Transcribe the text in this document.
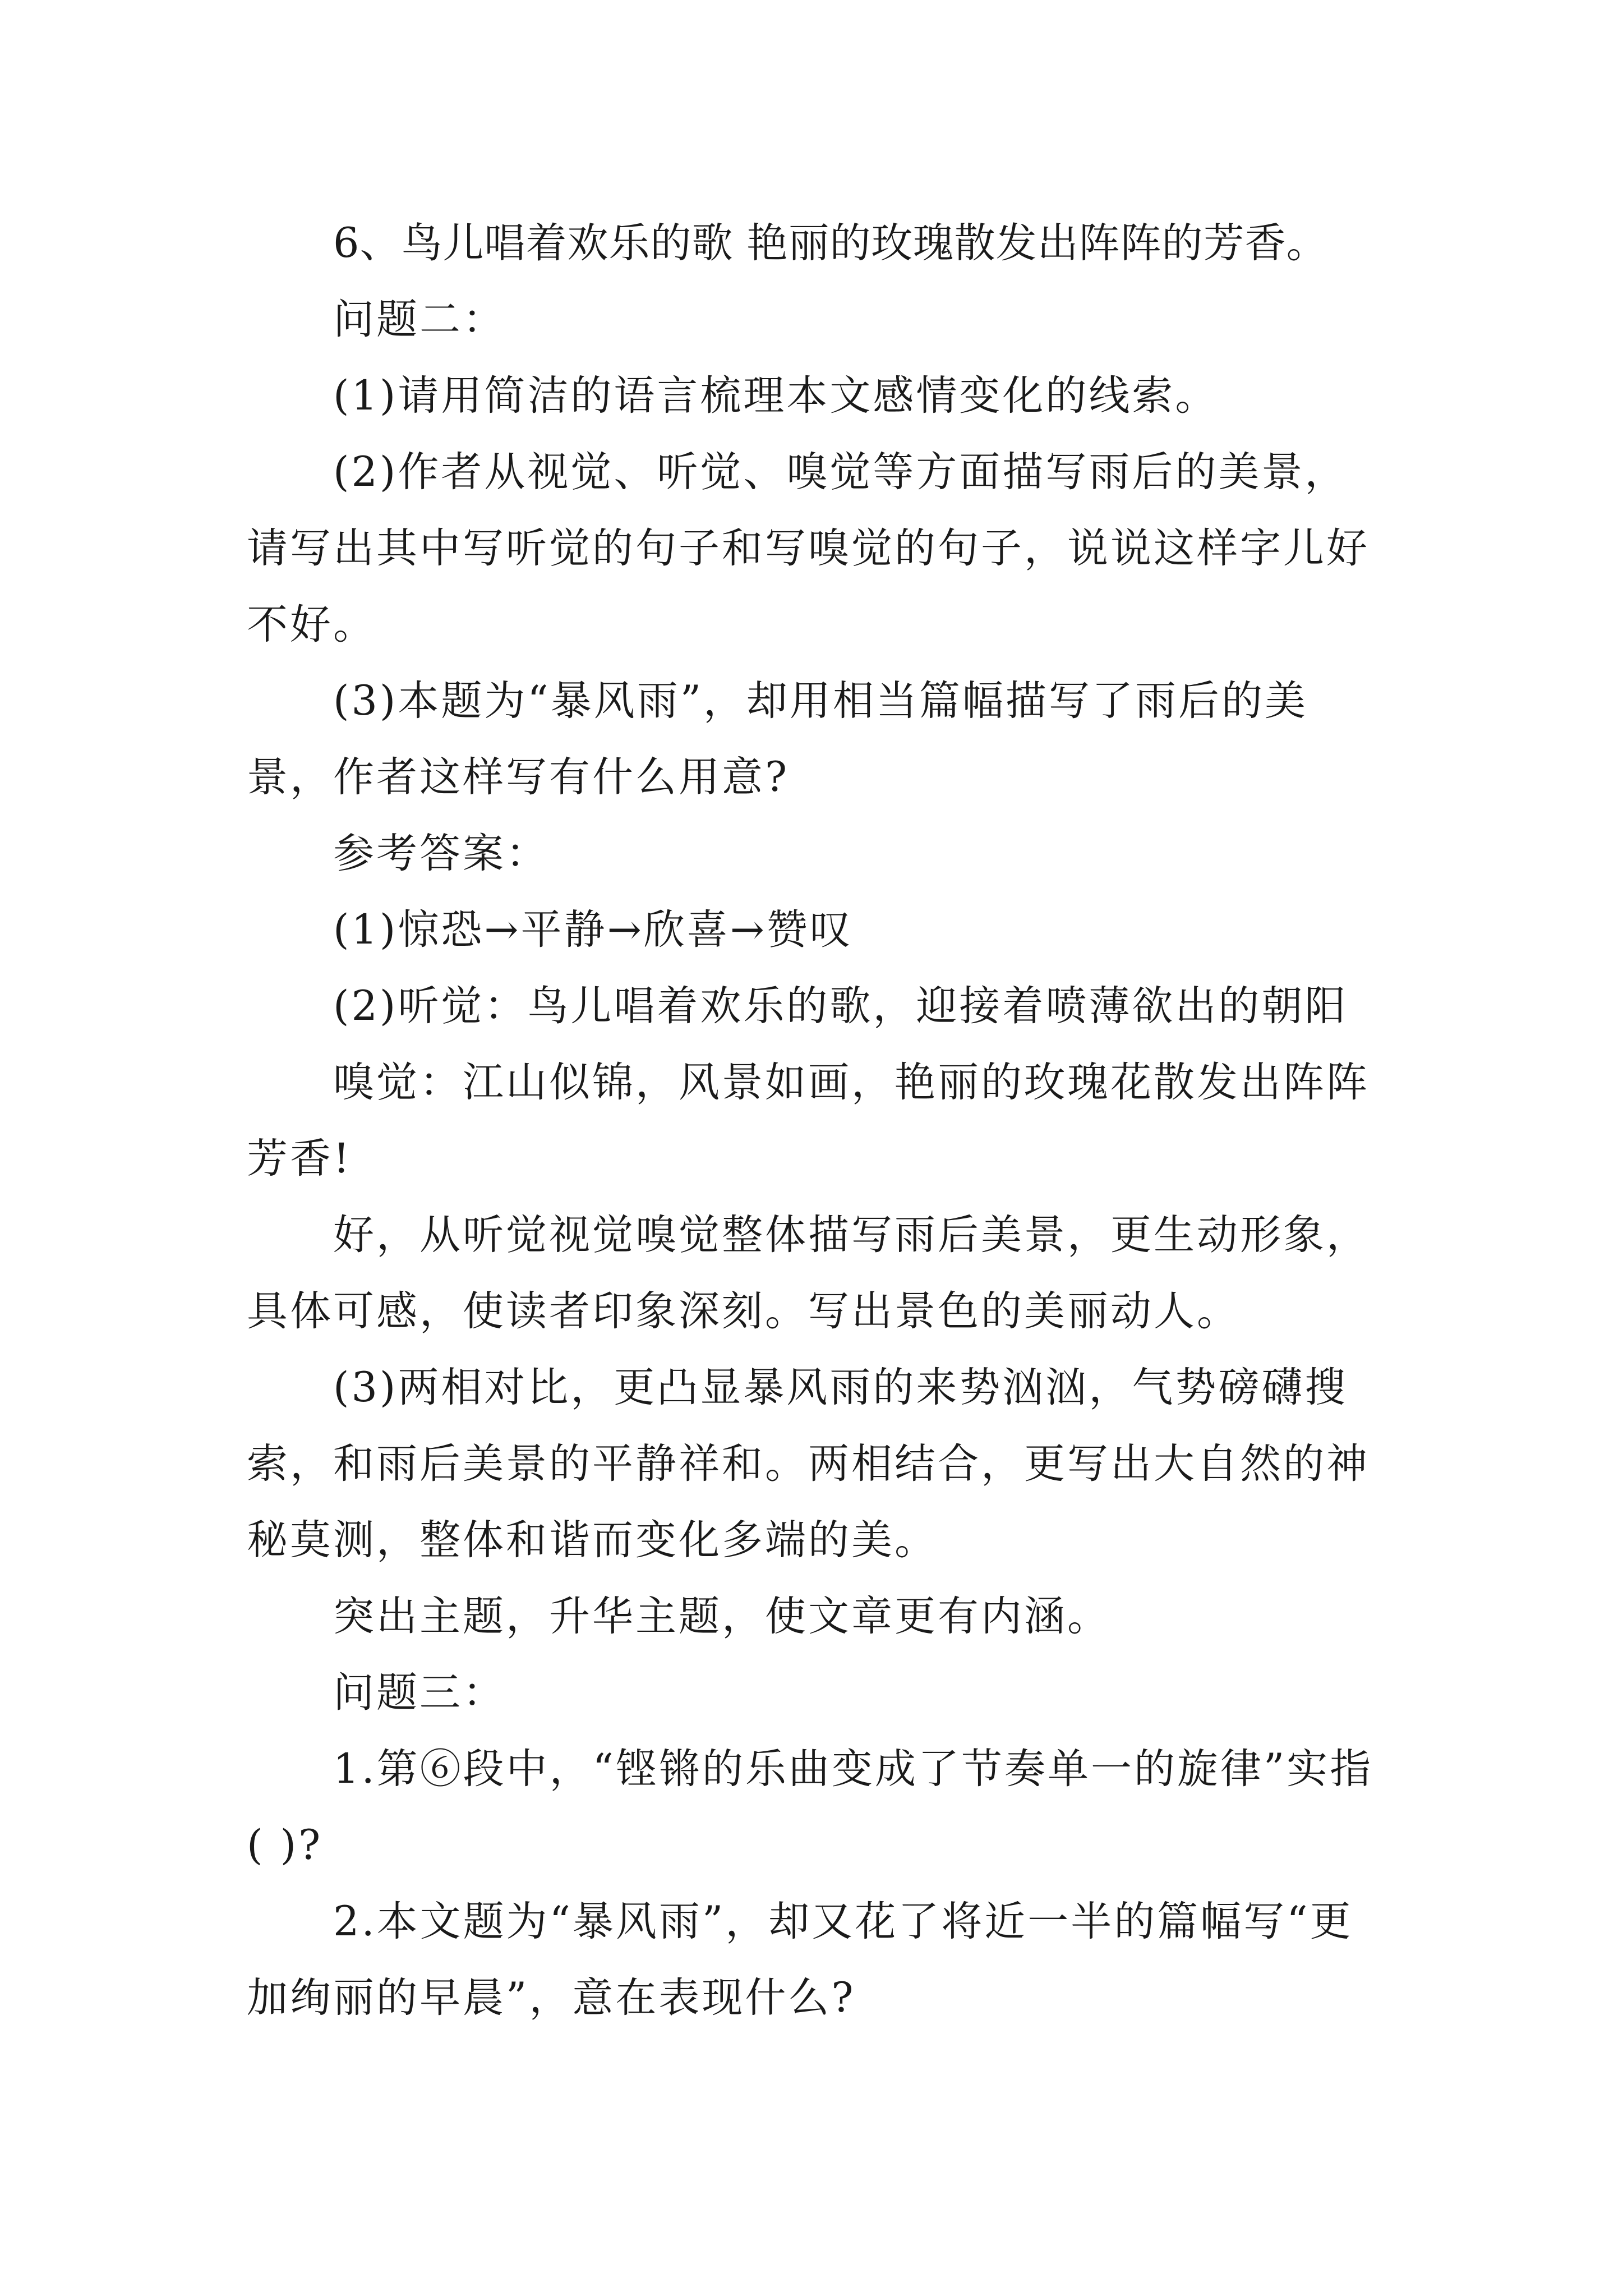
6、鸟儿唱着欢乐的歌 艳丽的玫瑰散发出阵阵的芳香。

问题二：

(1)请用简洁的语言梳理本文感情变化的线索。

(2)作者从视觉、听觉、嗅觉等方面描写雨后的美景，请写出其中写听觉的句子和写嗅觉的句子，说说这样字儿好不好。

(3)本题为“暴风雨”，却用相当篇幅描写了雨后的美景，作者这样写有什么用意?

参考答案：

(1)惊恐→平静→欣喜→赞叹

(2)听觉：鸟儿唱着欢乐的歌，迎接着喷薄欲出的朝阳

嗅觉：江山似锦，风景如画，艳丽的玫瑰花散发出阵阵芳香!

好，从听觉视觉嗅觉整体描写雨后美景，更生动形象，具体可感，使读者印象深刻。写出景色的美丽动人。

(3)两相对比，更凸显暴风雨的来势汹汹，气势磅礴搜索，和雨后美景的平静祥和。两相结合，更写出大自然的神秘莫测，整体和谐而变化多端的美。

突出主题，升华主题，使文章更有内涵。

问题三：

1.第⑥段中，“铿锵的乐曲变成了节奏单一的旋律”实指( )?

2.本文题为“暴风雨”，却又花了将近一半的篇幅写“更加绚丽的早晨”，意在表现什么?
